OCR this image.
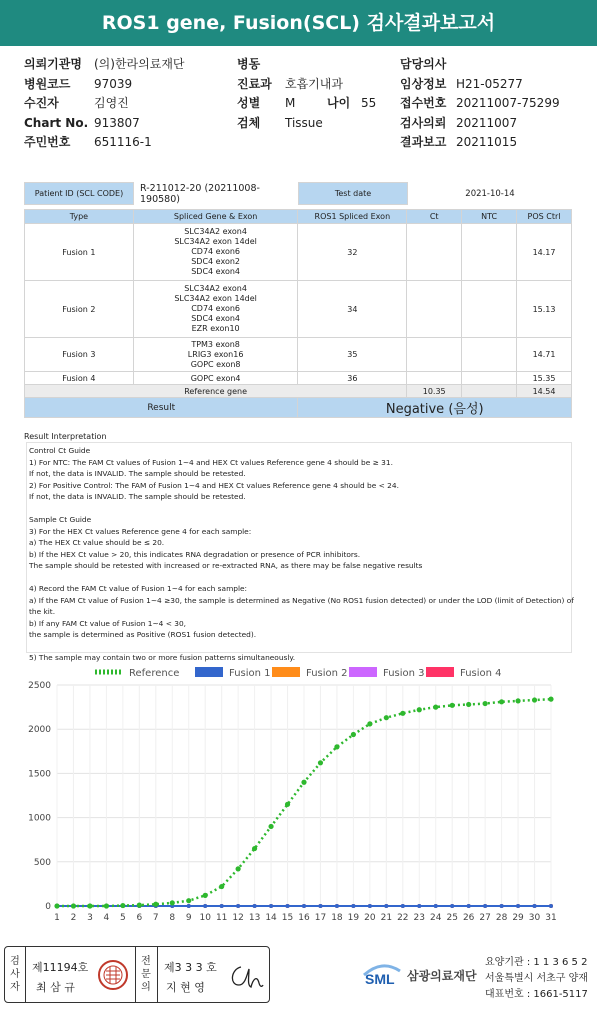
ROS1 gene, Fusion(SCL) 검사결과보고서
의뢰기관명 (의)한라의료재단
병원코드 97039
수진자	김영진
Chart No. 913807
주민번호 651116-1
병동
진료과 호흡기내과
성별 M	나이 55
검체 Tissue
담당의사
임상정보 H21-05277
접수번호 20211007-75299
검사의뢰 20211007
결과보고 20211015
Patient ID (SCL CODE)	R-211012-20 (20211008-190580)	Test date	2021-10-14
Type	Spliced Gene & Exon	ROS1 Spliced Exon	Ct	NTC	POS Ctrl
Fusion 1	SLC34A2 exon4
SLC34A2 exon 14del
CD74 exon6
SDC4 exon2
SDC4 exon4	32			14.17
Fusion 2	SLC34A2 exon4
SLC34A2 exon 14del
CD74 exon6
SDC4 exon4
EZR exon10	34			15.13
Fusion 3	TPM3 exon8
LRIG3 exon16
GOPC exon8	35			14.71
Fusion 4	GOPC exon4	36			15.35
Reference gene			10.35		14.54
Result		Negative (음성)			
Result Interpretation
Control Ct Guide
1) For NTC: The FAM Ct values of Fusion 1~4 and HEX Ct values Reference gene 4 should be ≥ 31.
If not, the data is INVALID. The sample should be retested.
2) For Positive Control: The FAM of Fusion 1~4 and HEX Ct values Reference gene 4 should be < 24.
If not, the data is INVALID. The sample should be retested.
Sample Ct Guide
3) For the HEX Ct values Reference gene 4 for each sample:
a) The HEX Ct value should be ≤ 20.
b) If the HEX Ct value > 20, this indicates RNA degradation or presence of PCR inhibitors.
The sample should be retested with increased or re-extracted RNA, as there may be false negative results
4) Record the FAM Ct value of Fusion 1~4 for each sample:
a) If the FAM Ct value of Fusion 1~4 ≥30, the sample is determined as Negative (No ROS1 fusion detected) or under the LOD (limit of Detection) of
the kit.
b) If any FAM Ct value of Fusion 1~4 < 30,
the sample is determined as Positive (ROS1 fusion detected).
5) The sample may contain two or more fusion patterns simultaneously.
0
500
1000
1500
2000
2500
1 2 3 4 5 6 7 8 9 10 11 12 13 14 15 16 17 18 19 20 21 22 23 24 25 26 27 28 29 30 31
Reference	Fusion 1	Fusion 2	Fusion 3	Fusion 4
검사자
제11194호
최 삼 규
전문의
제3 3 3 호
지 현 영
SML 삼광의료재단
요양기관 : 1 1 3 6 5 2
서울특별시 서초구 양재
대표번호 : 1661-5117
